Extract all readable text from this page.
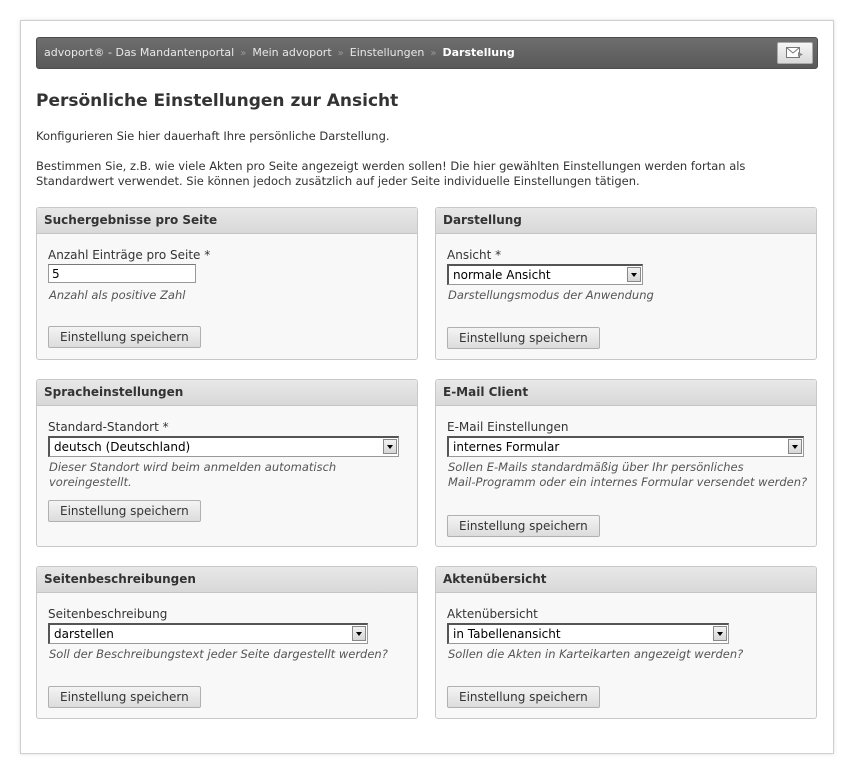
advoport® - Das Mandantenportal » Mein advoport » Einstellungen » Darstellung
Persönliche Einstellungen zur Ansicht

Konfigurieren Sie hier dauerhaft Ihre persönliche Darstellung.

Bestimmen Sie, z.B. wie viele Akten pro Seite angezeigt werden sollen! Die hier gewählten Einstellungen werden fortan als Standardwert verwendet. Sie können jedoch zusätzlich auf jeder Seite individuelle Einstellungen tätigen.

Suchergebnisse pro Seite
Anzahl Einträge pro Seite *
5
Anzahl als positive Zahl
Einstellung speichern
Darstellung
Ansicht *
normale Ansicht
Darstellungsmodus der Anwendung
Einstellung speichern
Spracheinstellungen
Standard-Standort *
deutsch (Deutschland)
Dieser Standort wird beim anmelden automatisch voreingestellt.
Einstellung speichern
E-Mail Client
E-Mail Einstellungen
internes Formular
Sollen E-Mails standardmäßig über Ihr persönliches
Mail-Programm oder ein internes Formular versendet werden?
Einstellung speichern
Seitenbeschreibungen
Seitenbeschreibung
darstellen
Soll der Beschreibungstext jeder Seite dargestellt werden?
Einstellung speichern
Aktenübersicht
Aktenübersicht
in Tabellenansicht
Sollen die Akten in Karteikarten angezeigt werden?
Einstellung speichern
